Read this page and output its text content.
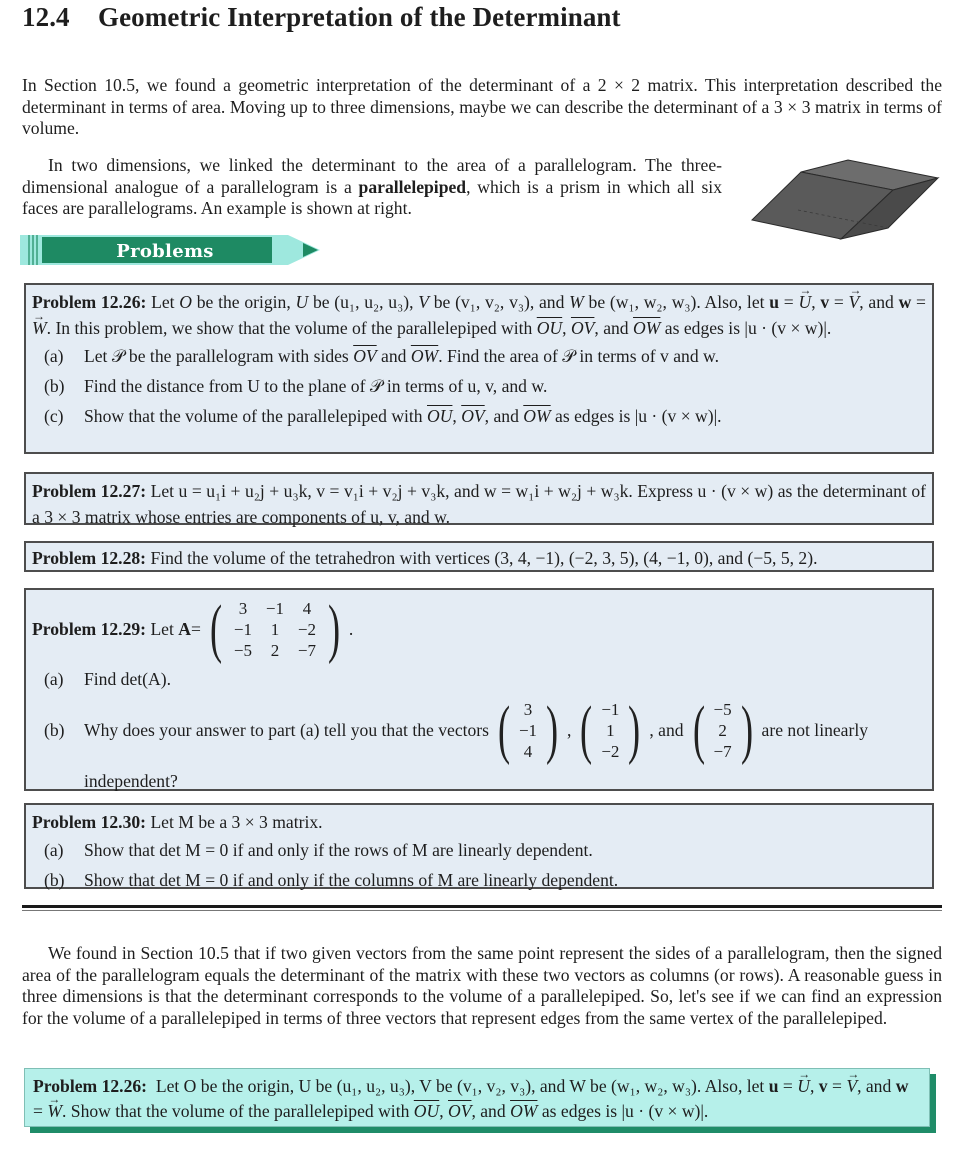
12.4 Geometric Interpretation of the Determinant

In Section 10.5, we found a geometric interpretation of the determinant of a 2 × 2 matrix. This interpretation described the determinant in terms of area. Moving up to three dimensions, maybe we can describe the determinant of a 3 × 3 matrix in terms of volume.

In two dimensions, we linked the determinant to the area of a parallelogram. The three-dimensional analogue of a parallelogram is a parallelepiped, which is a prism in which all six faces are parallelograms. An example is shown at right.

Problems
Problem 12.26: Let O be the origin, U be (u₁, u₂, u₃), V be (v₁, v₂, v₃), and W be (w₁, w₂, w₃). Also, let u = → U, v = → V, and w = → W. In this problem, we show that the volume of the parallelepiped with $\overline{OU}$, $\overline{OV}$, and $\overline{OW}$ as edges is |u · (v × w)|.
(a)	Let 𝒫 be the parallelogram with sides $\overline{OV}$ and $\overline{OW}$. Find the area of 𝒫 in terms of v and w.
(b)	Find the distance from U to the plane of 𝒫 in terms of u, v, and w.
(c)	Show that the volume of the parallelepiped with $\overline{OU}$, $\overline{OV}$, and $\overline{OW}$ as edges is |u · (v × w)|.
Problem 12.27: Let u = u₁i + u₂j + u₃k, v = v₁i + v₂j + v₃k, and w = w₁i + w₂j + w₃k. Express u · (v × w) as the determinant of a 3 × 3 matrix whose entries are components of u, v, and w.
Problem 12.28: Find the volume of the tetrahedron with vertices (3, 4, −1), (−2, 3, 5), (4, −1, 0), and (−5, 5, 2).
Problem 12.29:
Let
A = ( 3	−1	4
−1	1	−2
−5	2	−7 ) .
(a)	Find det(A).
(b)	Why does your answer to part (a) tell you that the vectors ( 3
−1
4 ) , ( −1
1
−2 ) , and ( −5
2
−7 ) are not linearly
independent?
Problem 12.30: Let M be a 3 × 3 matrix.
(a)	Show that det M = 0 if and only if the rows of M are linearly dependent.
(b)	Show that det M = 0 if and only if the columns of M are linearly dependent.

We found in Section 10.5 that if two given vectors from the same point represent the sides of a parallelogram, then the signed area of the parallelogram equals the determinant of the matrix with these two vectors as columns (or rows). A reasonable guess in three dimensions is that the determinant corresponds to the volume of a parallelepiped. So, let's see if we can find an expression for the volume of a parallelepiped in terms of three vectors that represent edges from the same vertex of the parallelepiped.

Problem 12.26: Let O be the origin, U be (u₁, u₂, u₃), V be (v₁, v₂, v₃), and W be (w₁, w₂, w₃). Also, let u = → U, v = → V, and w = → W. Show that the volume of the parallelepiped with $\overline{OU}$, $\overline{OV}$, and $\overline{OW}$ as edges is |u · (v × w)|.
